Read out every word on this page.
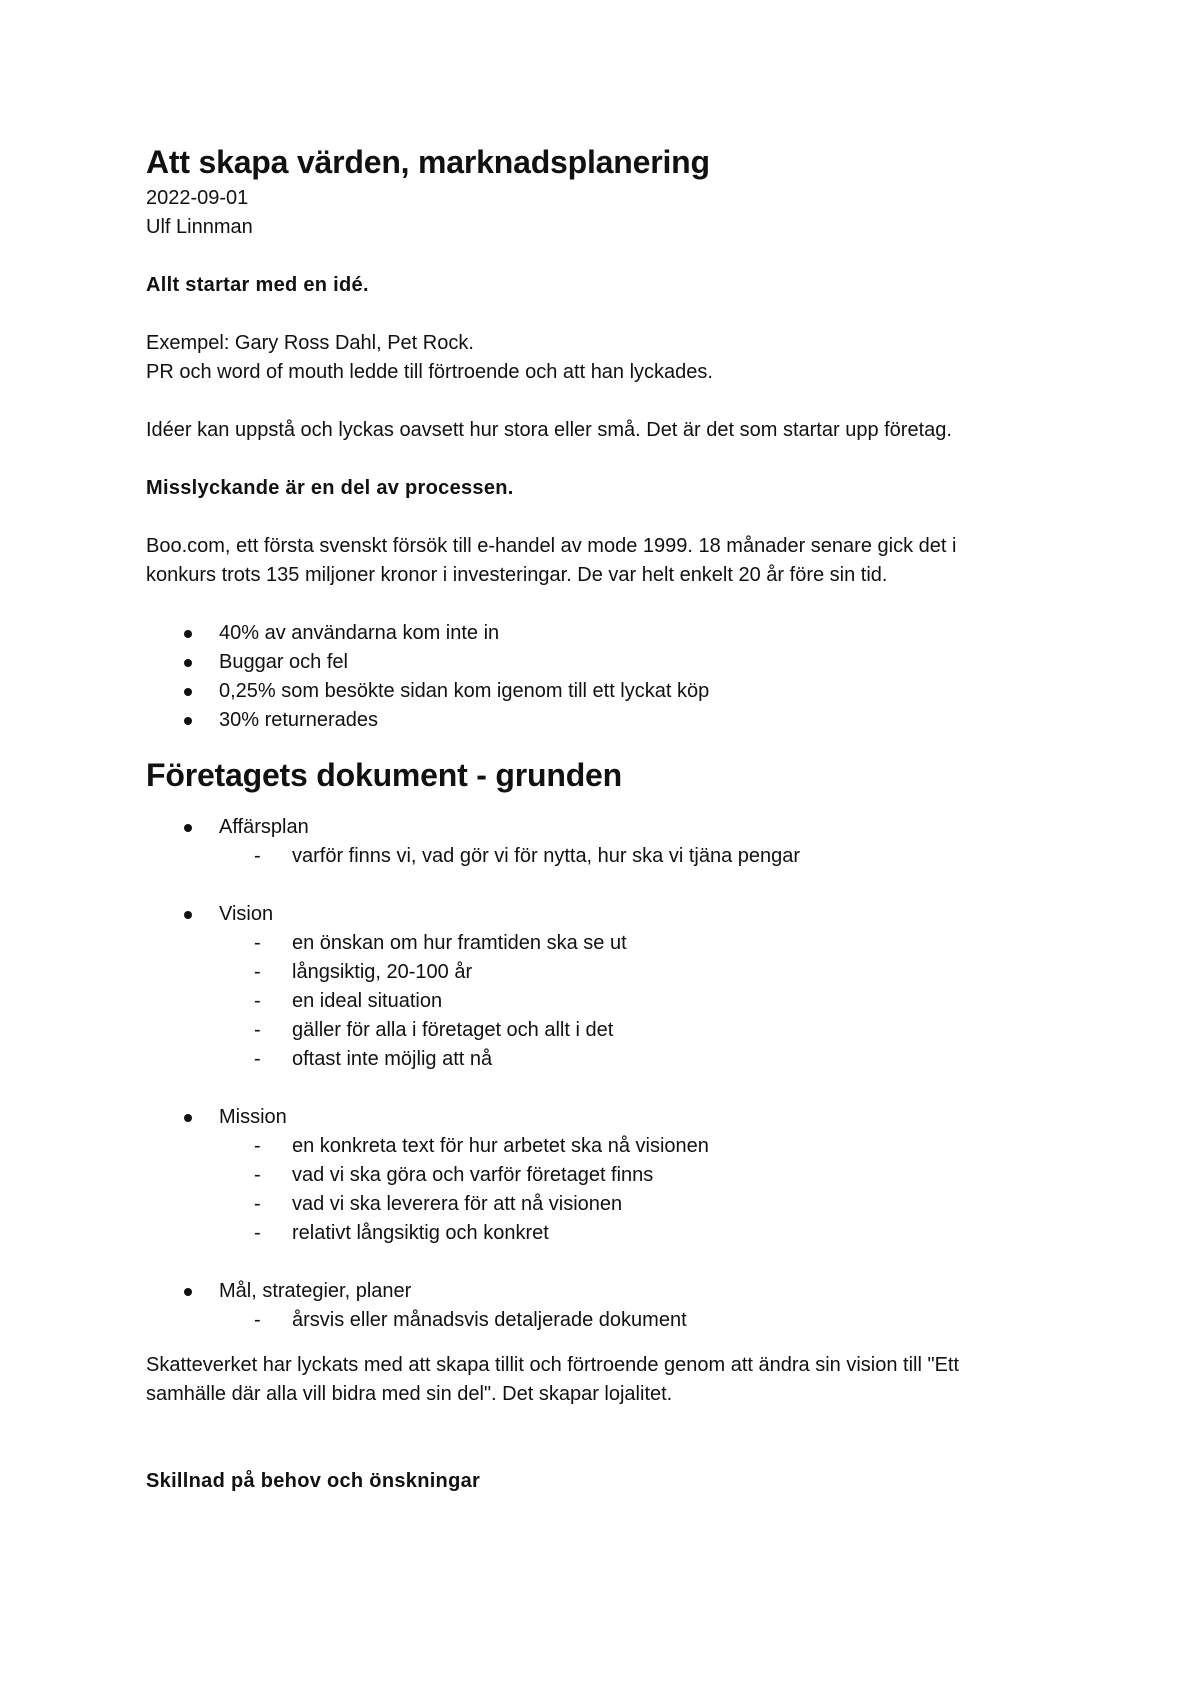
Att skapa värden, marknadsplanering

2022-09-01

Ulf Linnman

Allt startar med en idé.

Exempel: Gary Ross Dahl, Pet Rock.

PR och word of mouth ledde till förtroende och att han lyckades.

Idéer kan uppstå och lyckas oavsett hur stora eller små. Det är det som startar upp företag.

Misslyckande är en del av processen.

Boo.com, ett första svenskt försök till e-handel av mode 1999. 18 månader senare gick det i

konkurs trots 135 miljoner kronor i investeringar. De var helt enkelt 20 år före sin tid.

40% av användarna kom inte in
Buggar och fel
0,25% som besökte sidan kom igenom till ett lyckat köp
30% returnerades
Företagets dokument - grunden
Affärsplan
- varför finns vi, vad gör vi för nytta, hur ska vi tjäna pengar
Vision
- en önskan om hur framtiden ska se ut
- långsiktig, 20-100 år
- en ideal situation
- gäller för alla i företaget och allt i det
- oftast inte möjlig att nå
Mission
- en konkreta text för hur arbetet ska nå visionen
- vad vi ska göra och varför företaget finns
- vad vi ska leverera för att nå visionen
- relativt långsiktig och konkret
Mål, strategier, planer
- årsvis eller månadsvis detaljerade dokument

Skatteverket har lyckats med att skapa tillit och förtroende genom att ändra sin vision till "Ett

samhälle där alla vill bidra med sin del". Det skapar lojalitet.

Skillnad på behov och önskningar
